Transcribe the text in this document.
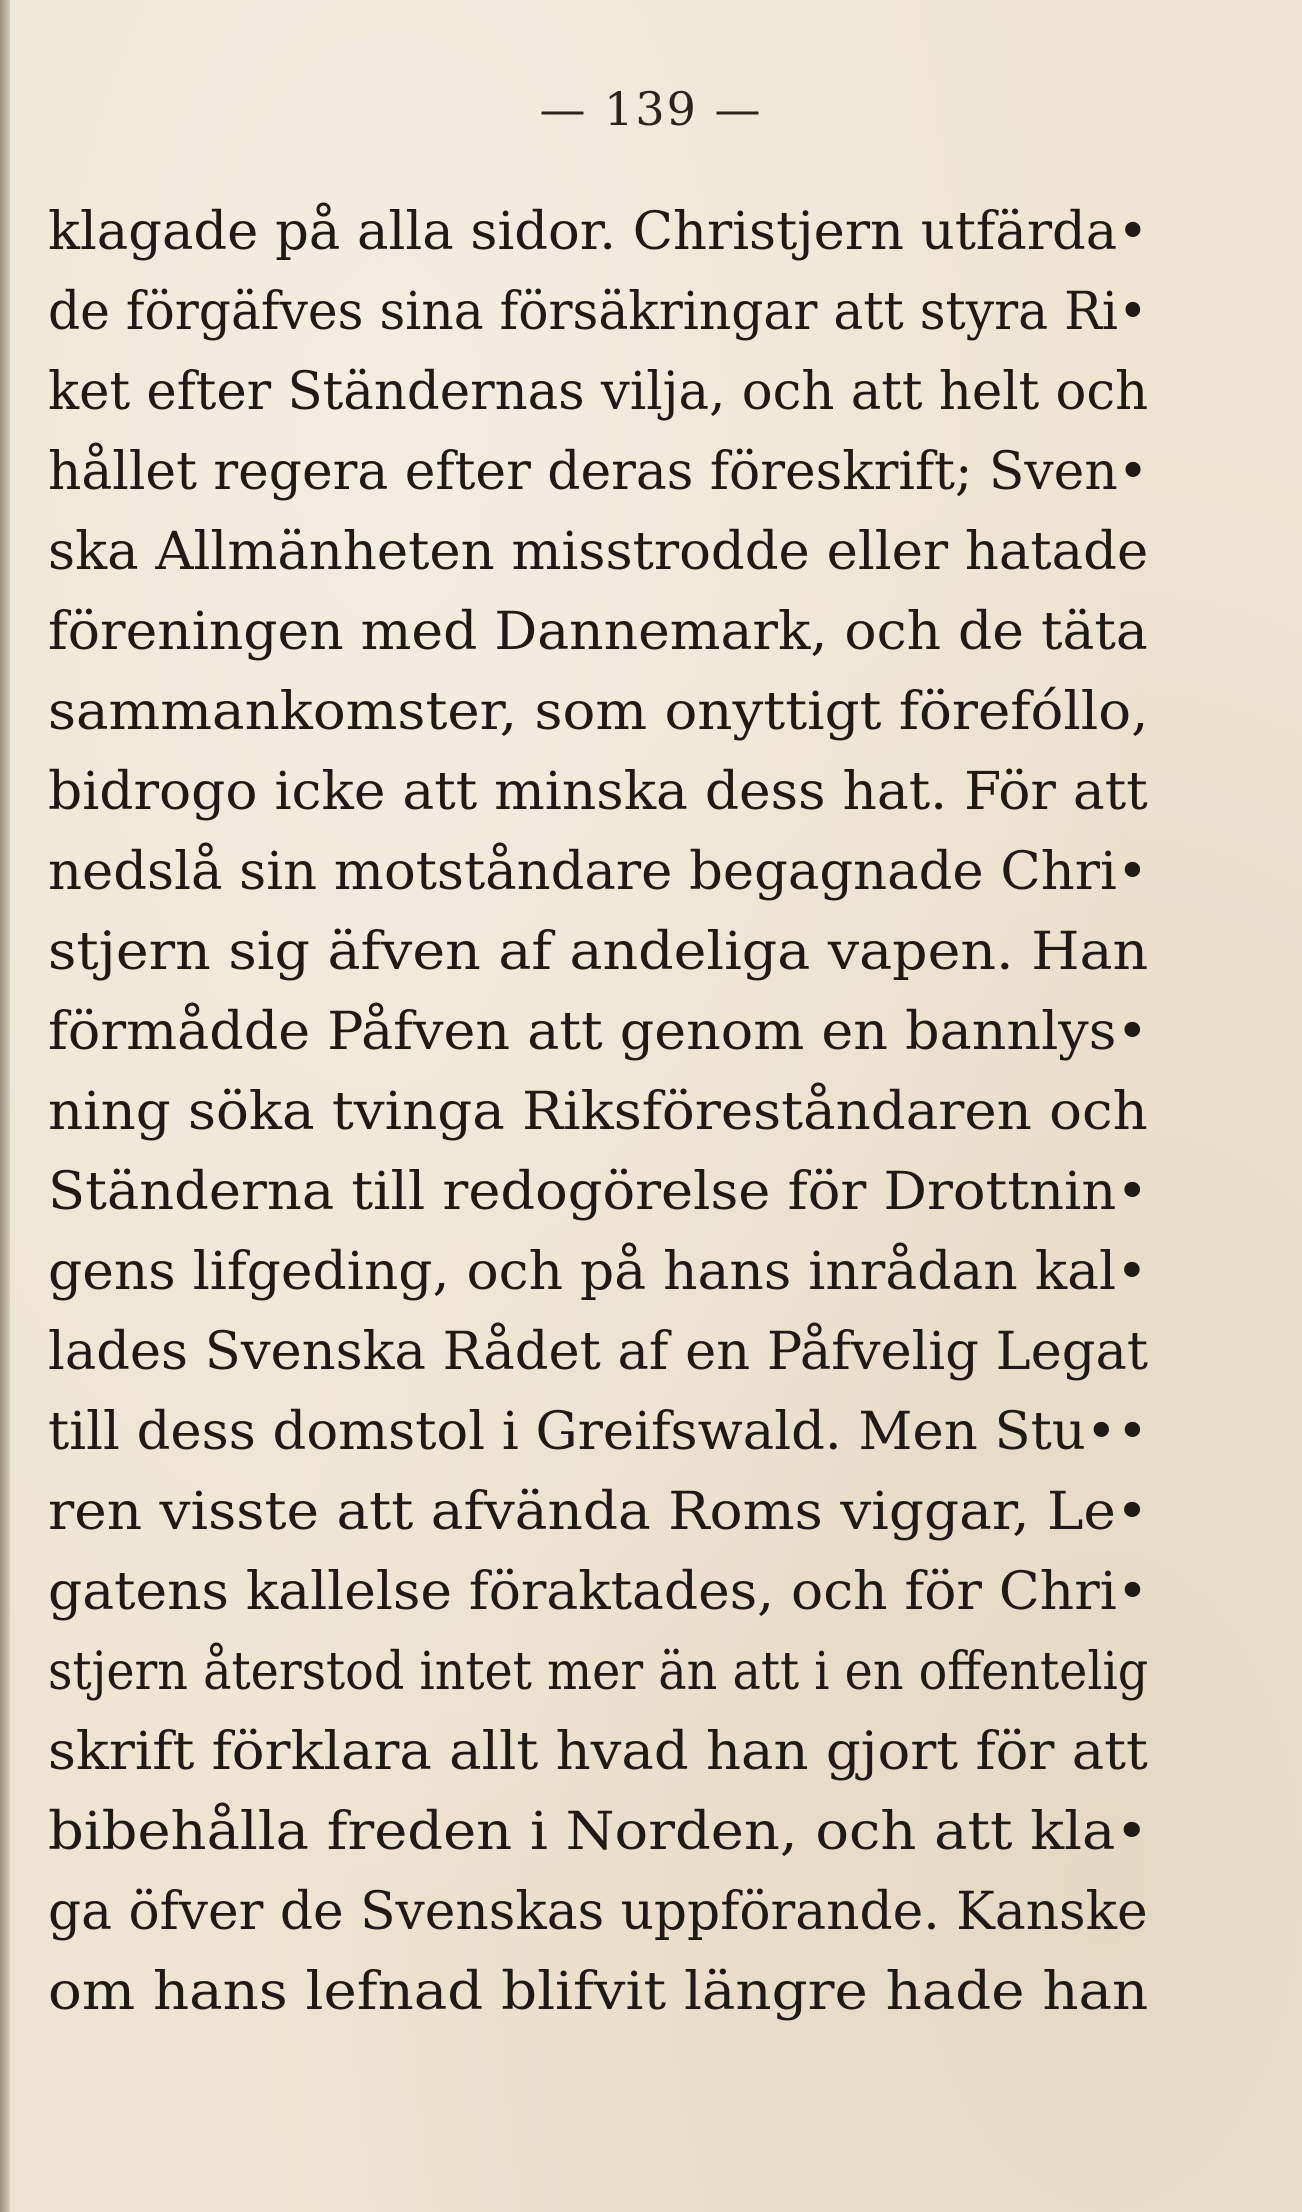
— 139 —
klagade på alla sidor. Christjern utfärda•
de förgäfves sina försäkringar att styra Ri•
ket efter Ständernas vilja, och att helt och
hållet regera efter deras föreskrift; Sven•
ska Allmänheten misstrodde eller hatade
föreningen med Dannemark, och de täta
sammankomster, som onyttigt förefóllo,
bidrogo icke att minska dess hat. För att
nedslå sin motståndare begagnade Chri•
stjern sig äfven af andeliga vapen. Han
förmådde Påfven att genom en bannlys•
ning söka tvinga Riksföreståndaren och
Ständerna till redogörelse för Drottnin•
gens lifgeding, och på hans inrådan kal•
lades Svenska Rådet af en Påfvelig Legat
till dess domstol i Greifswald. Men Stu••
ren visste att afvända Roms viggar, Le•
gatens kallelse föraktades, och för Chri•
stjern återstod intet mer än att i en offentelig
skrift förklara allt hvad han gjort för att
bibehålla freden i Norden, och att kla•
ga öfver de Svenskas uppförande. Kanske
om hans lefnad blifvit längre hade han
